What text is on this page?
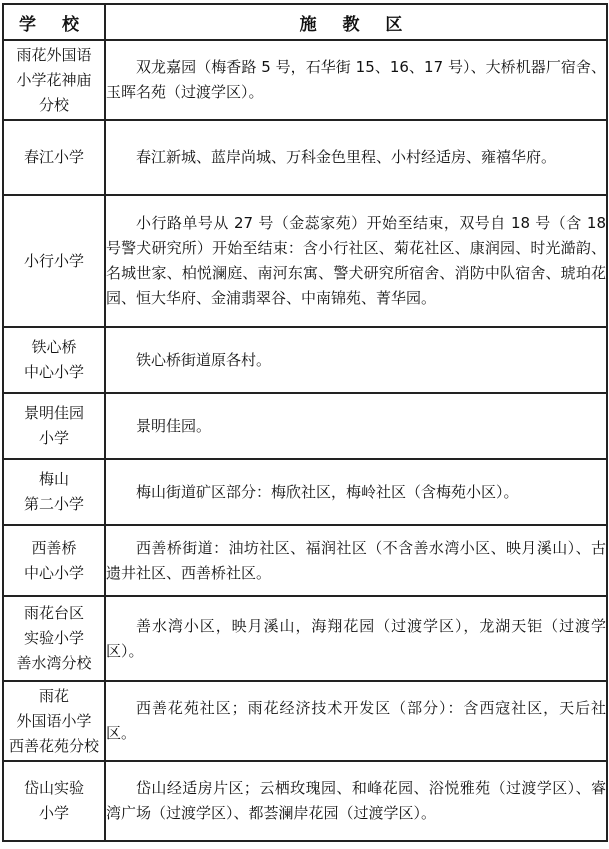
学 校	施 教 区

雨花外国语
小学花神庙
分校	双龙嘉园（梅香路 5 号，石华街 15、16、17 号）、大桥机器厂宿舍、玉晖名苑（过渡学区）。

春江小学	春江新城、蓝岸尚城、万科金色里程、小村经适房、雍禧华府。

小行小学	小行路单号从 27 号（金蕊家苑）开始至结束，双号自 18 号（含 18 号警犬研究所）开始至结束：含小行社区、菊花社区、康润园、时光澔韵、名城世家、柏悦澜庭、南河东寓、警犬研究所宿舍、消防中队宿舍、琥珀花园、恒大华府、金浦翡翠谷、中南锦苑、菁华园。

铁心桥
中心小学	铁心桥街道原各村。

景明佳园
小学	景明佳园。

梅山
第二小学	梅山街道矿区部分：梅欣社区，梅岭社区（含梅苑小区）。

西善桥
中心小学	西善桥街道：油坊社区、福润社区（不含善水湾小区、映月溪山）、古遗井社区、西善桥社区。

雨花台区
实验小学
善水湾分校	善水湾小区，映月溪山，海翔花园（过渡学区），龙湖天钜（过渡学区）。

雨花
外国语小学
西善花苑分校	西善花苑社区；雨花经济技术开发区（部分）：含西寇社区，天后社区。

岱山实验
小学	岱山经适房片区；云栖玫瑰园、和峰花园、浴悦雅苑（过渡学区）、睿湾广场（过渡学区）、都荟澜岸花园（过渡学区）。
